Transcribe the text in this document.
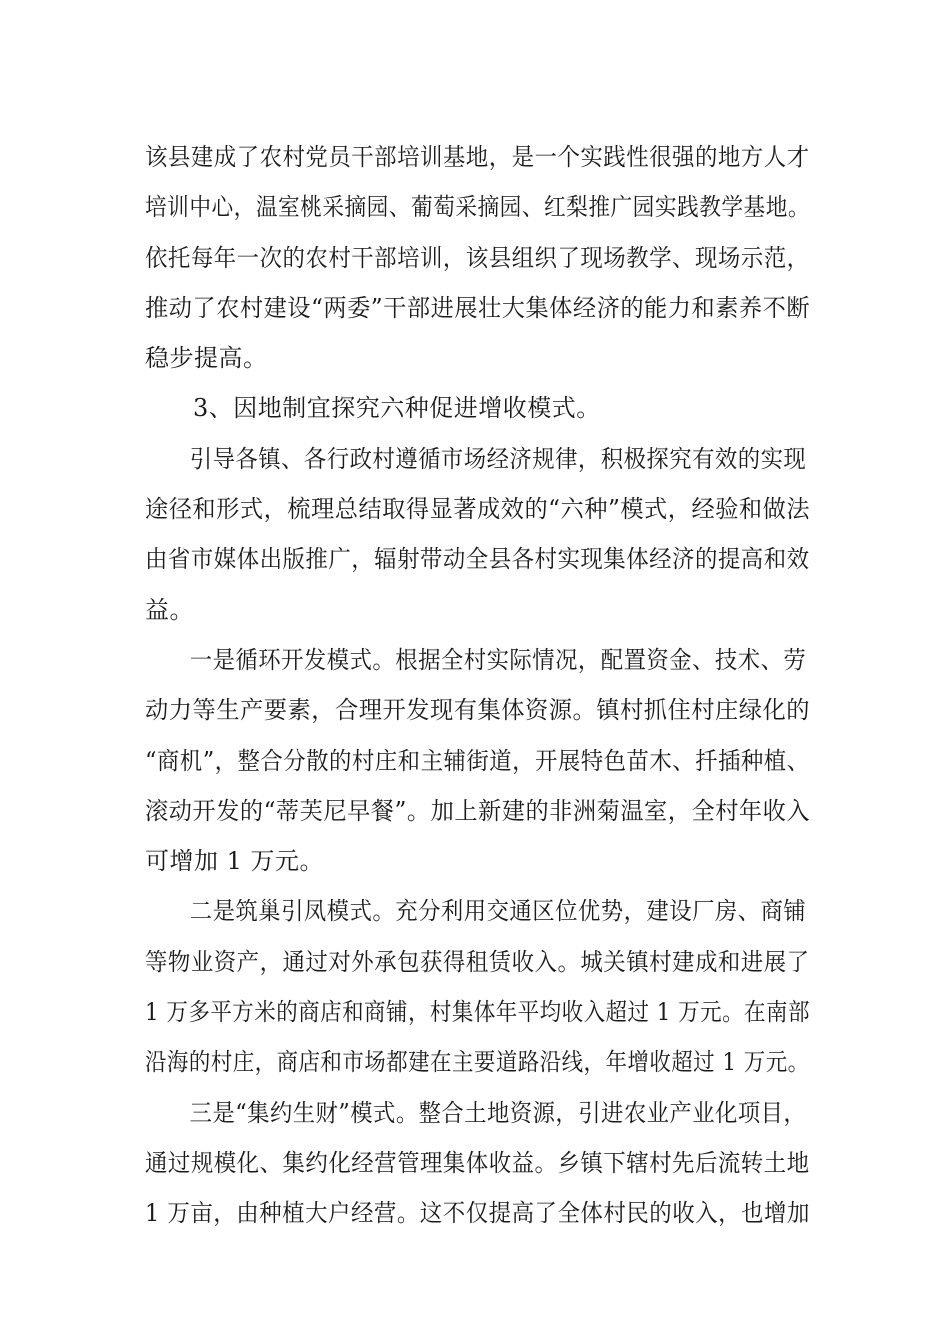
该县建成了农村党员干部培训基地，是一个实践性很强的地方人才
培训中心，温室桃采摘园、葡萄采摘园、红梨推广园实践教学基地。
依托每年一次的农村干部培训，该县组织了现场教学、现场示范，
推动了农村建设“两委”干部进展壮大集体经济的能力和素养不断
稳步提高。
3、因地制宜探究六种促进增收模式。
引导各镇、各行政村遵循市场经济规律，积极探究有效的实现
途径和形式，梳理总结取得显著成效的“六种”模式，经验和做法
由省市媒体出版推广，辐射带动全县各村实现集体经济的提高和效
益。
一是循环开发模式。根据全村实际情况，配置资金、技术、劳
动力等生产要素，合理开发现有集体资源。镇村抓住村庄绿化的
“商机”，整合分散的村庄和主辅街道，开展特色苗木、扦插种植、
滚动开发的“蒂芙尼早餐”。加上新建的非洲菊温室，全村年收入
可增加 1 万元。
二是筑巢引凤模式。充分利用交通区位优势，建设厂房、商铺
等物业资产，通过对外承包获得租赁收入。城关镇村建成和进展了
1 万多平方米的商店和商铺，村集体年平均收入超过 1 万元。在南部
沿海的村庄，商店和市场都建在主要道路沿线，年增收超过 1 万元。
三是“集约生财”模式。整合土地资源，引进农业产业化项目，
通过规模化、集约化经营管理集体收益。乡镇下辖村先后流转土地
1 万亩，由种植大户经营。这不仅提高了全体村民的收入，也增加
